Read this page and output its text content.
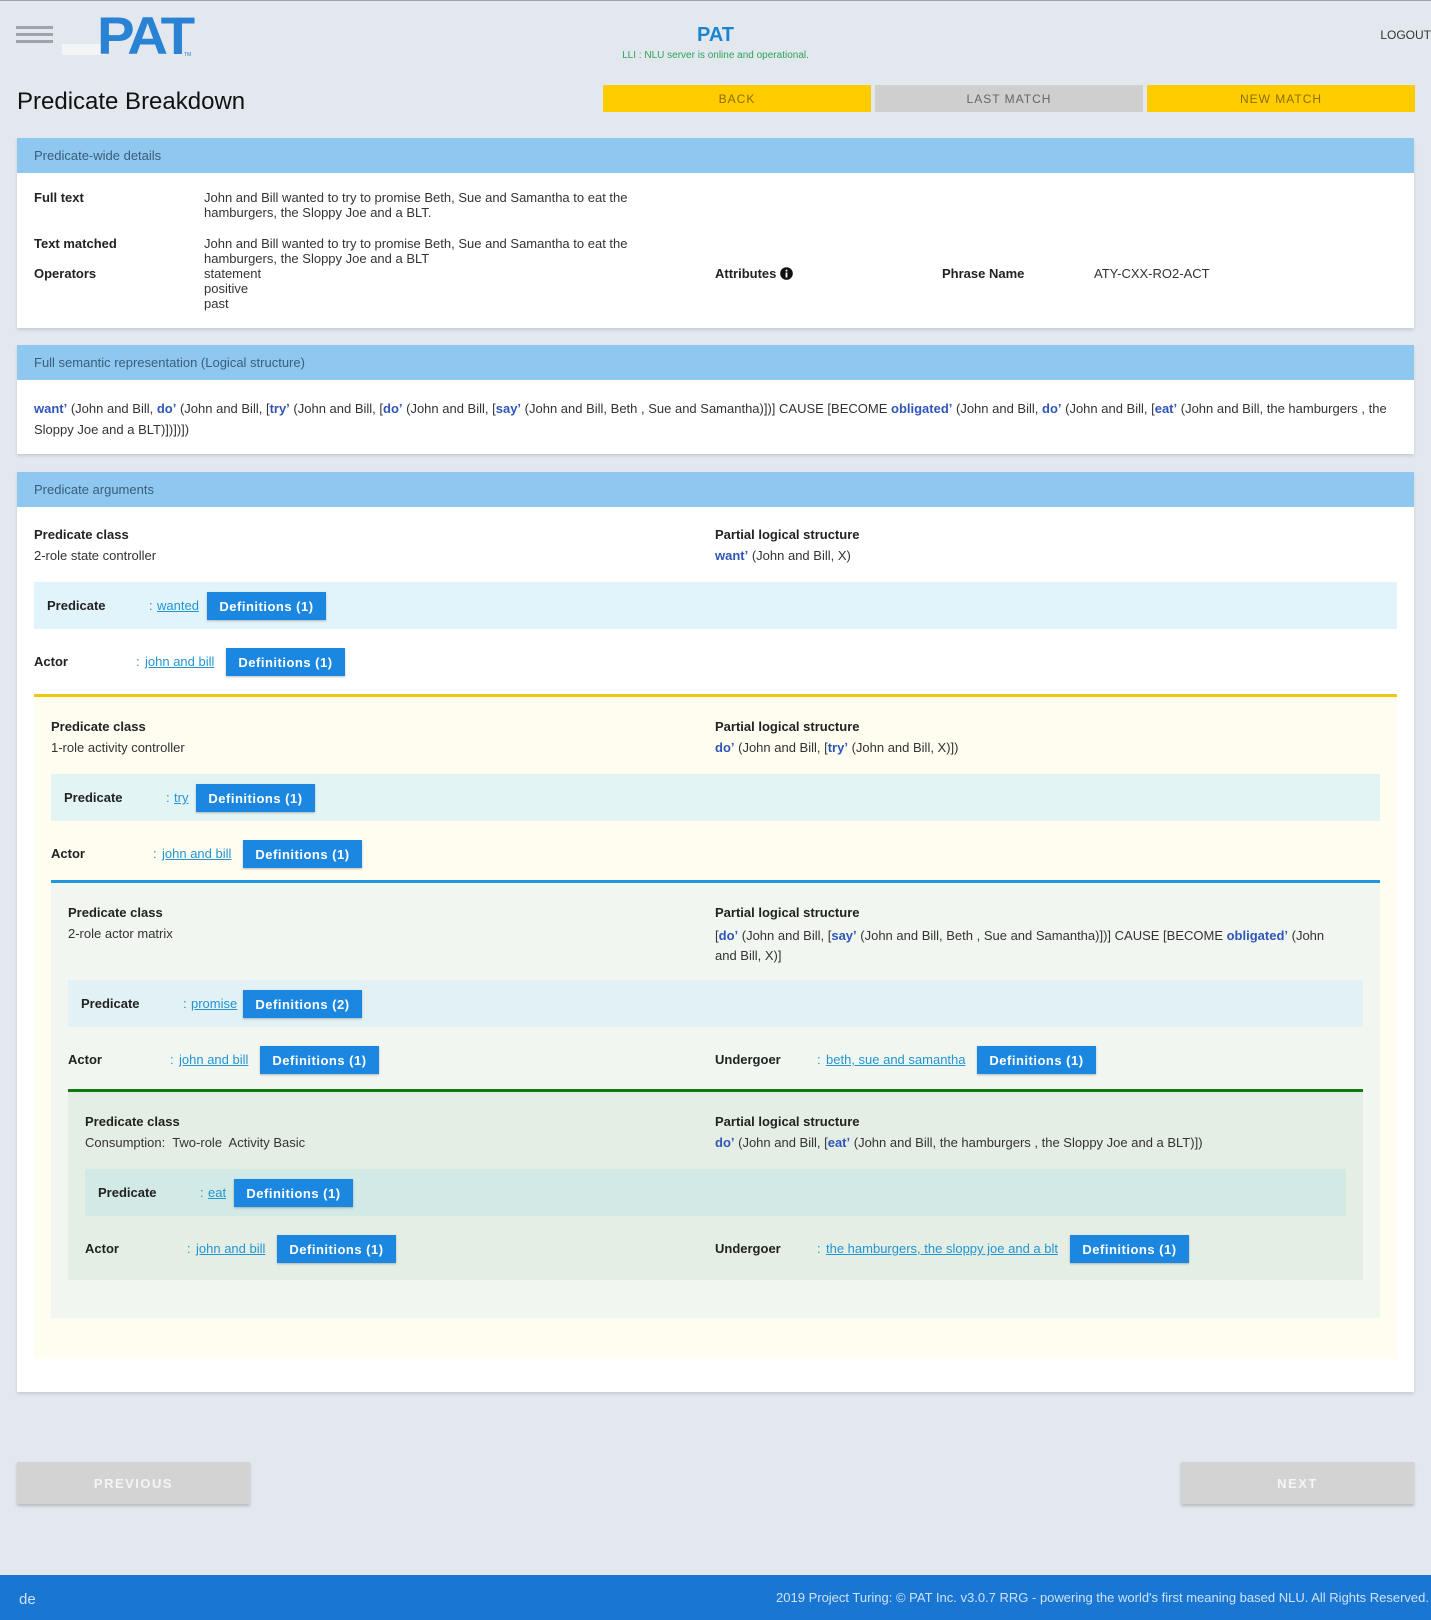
PAT
TM
PAT
LLI : NLU server is online and operational.
LOGOUT
Predicate Breakdown	BACK	LAST MATCH	NEW MATCH
Predicate-wide details
Full text	John and Bill wanted to try to promise Beth, Sue and Samantha to eat the
hamburgers, the Sloppy Joe and a BLT.
Text matched	John and Bill wanted to try to promise Beth, Sue and Samantha to eat the
hamburgers, the Sloppy Joe and a BLT
Operators	statement
positive
past
Attributes	Phrase Name	ATY-CXX-RO2-ACT
Full semantic representation (Logical structure)
wantʼ (John and Bill, doʼ (John and Bill, [tryʼ (John and Bill, [doʼ (John and Bill, [sayʼ (John and Bill, Beth , Sue and Samantha)])] CAUSE [BECOME obligatedʼ (John and Bill, doʼ (John and Bill, [eatʼ (John and Bill, the hamburgers , the Sloppy Joe and a BLT)])])])
Predicate arguments
Predicate class
2-role state controller
Partial logical structure
wantʼ (John and Bill, X)
Predicate	: wanted	Definitions (1)
Actor	: john and bill	Definitions (1)
Predicate class
1-role activity controller
Partial logical structure
doʼ (John and Bill, [tryʼ (John and Bill, X)])
Predicate	: try	Definitions (1)
Actor	: john and bill	Definitions (1)
Predicate class
2-role actor matrix
Partial logical structure
[doʼ (John and Bill, [sayʼ (John and Bill, Beth , Sue and Samantha)])] CAUSE [BECOME obligatedʼ (John
and Bill, X)]
Predicate	: promise	Definitions (2)
Actor	: john and bill	Definitions (1)	Undergoer	: beth, sue and samantha	Definitions (1)
Predicate class
Consumption:  Two-role  Activity Basic
Partial logical structure
doʼ (John and Bill, [eatʼ (John and Bill, the hamburgers , the Sloppy Joe and a BLT)])
Predicate	: eat	Definitions (1)
Actor	: john and bill	Definitions (1)	Undergoer	: the hamburgers, the sloppy joe and a blt	Definitions (1)
PREVIOUS	NEXT
de	2019 Project Turing: © PAT Inc. v3.0.7 RRG - powering the world's first meaning based NLU. All Rights Reserved.
